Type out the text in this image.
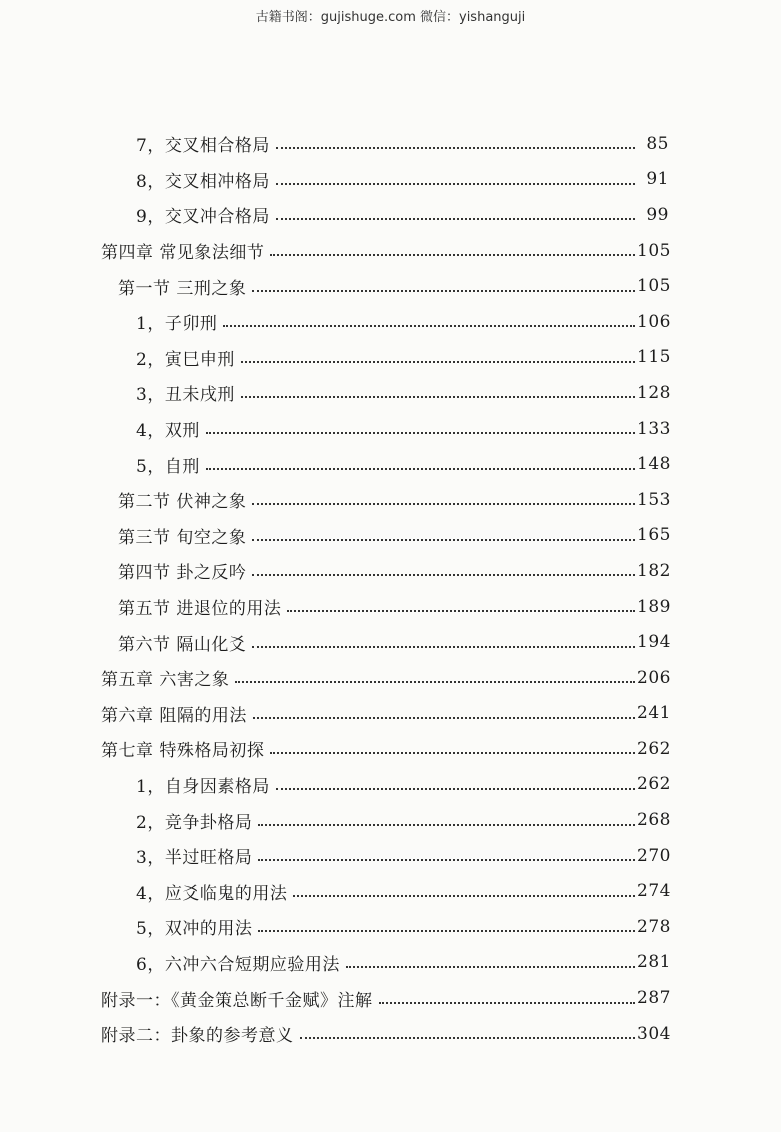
古籍书阁：gujishuge.com 微信：yishanguji
7，交叉相合格局	85
8，交叉相冲格局	91
9，交叉冲合格局	99
第四章 常见象法细节	105
第一节 三刑之象	105
1，子卯刑	106
2，寅巳申刑	115
3，丑未戌刑	128
4，双刑	133
5，自刑	148
第二节 伏神之象	153
第三节 旬空之象	165
第四节 卦之反吟	182
第五节 进退位的用法	189
第六节 隔山化爻	194
第五章 六害之象	206
第六章 阻隔的用法	241
第七章 特殊格局初探	262
1，自身因素格局	262
2，竞争卦格局	268
3，半过旺格局	270
4，应爻临鬼的用法	274
5，双冲的用法	278
6，六冲六合短期应验用法	281
附录一：《黄金策总断千金赋》注解	287
附录二：卦象的参考意义	304
